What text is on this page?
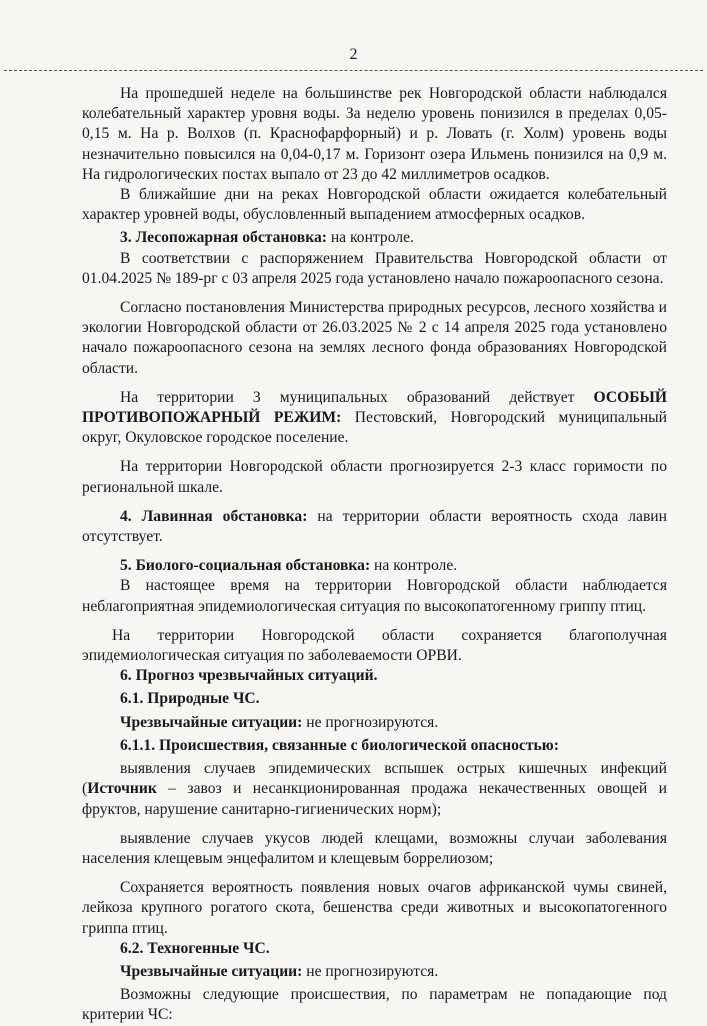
2

На прошедшей неделе на большинстве рек Новгородской области наблюдался колебательный характер уровня воды. За неделю уровень понизился в пределах 0,05-0,15 м. На р. Волхов (п. Краснофарфорный) и р. Ловать (г. Холм) уровень воды незначительно повысился на 0,04-0,17 м. Горизонт озера Ильмень понизился на 0,9 м. На гидрологических постах выпало от 23 до 42 миллиметров осадков.

В ближайшие дни на реках Новгородской области ожидается колебательный характер уровней воды, обусловленный выпадением атмосферных осадков.

3. Лесопожарная обстановка: на контроле.

В соответствии с распоряжением Правительства Новгородской области от 01.04.2025 № 189-рг с 03 апреля 2025 года установлено начало пожароопасного сезона.

Согласно постановления Министерства природных ресурсов, лесного хозяйства и экологии Новгородской области от 26.03.2025 № 2 с 14 апреля 2025 года установлено начало пожароопасного сезона на землях лесного фонда образованиях Новгородской области.

На территории 3 муниципальных образований действует ОСОБЫЙ ПРОТИВОПОЖАРНЫЙ РЕЖИМ: Пестовский, Новгородский муниципальный округ, Окуловское городское поселение.

На территории Новгородской области прогнозируется 2-3 класс горимости по региональной шкале.

4. Лавинная обстановка: на территории области вероятность схода лавин отсутствует.

5. Биолого-социальная обстановка: на контроле.

В настоящее время на территории Новгородской области наблюдается неблагоприятная эпидемиологическая ситуация по высокопатогенному гриппу птиц.

На территории Новгородской области сохраняется благополучная эпидемиологическая ситуация по заболеваемости ОРВИ.

6. Прогноз чрезвычайных ситуаций.

6.1. Природные ЧС.

Чрезвычайные ситуации: не прогнозируются.

6.1.1. Происшествия, связанные с биологической опасностью:

выявления случаев эпидемических вспышек острых кишечных инфекций (Источник – завоз и несанкционированная продажа некачественных овощей и фруктов, нарушение санитарно-гигиенических норм);

выявление случаев укусов людей клещами, возможны случаи заболевания населения клещевым энцефалитом и клещевым боррелиозом;

Сохраняется вероятность появления новых очагов африканской чумы свиней, лейкоза крупного рогатого скота, бешенства среди животных и высокопатогенного гриппа птиц.

6.2. Техногенные ЧС.

Чрезвычайные ситуации: не прогнозируются.

Возможны следующие происшествия, по параметрам не попадающие под критерии ЧС:
